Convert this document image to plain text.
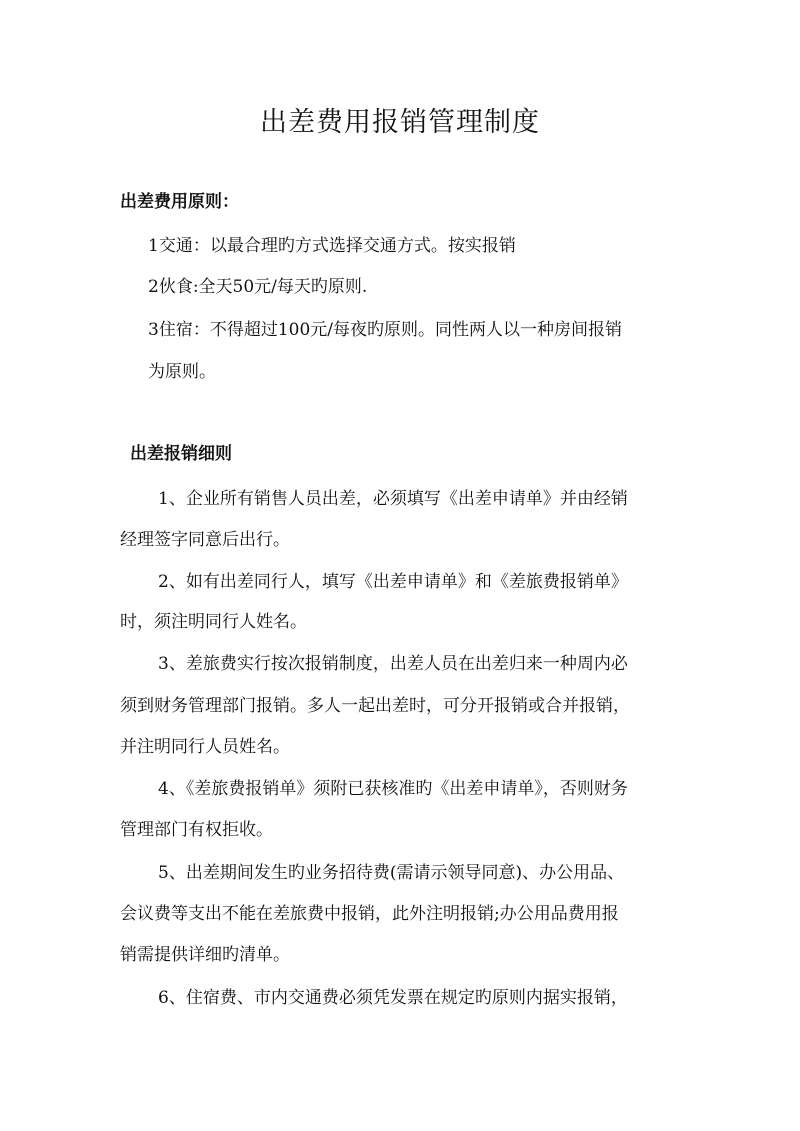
出差费用报销管理制度
出差费用原则：
1交通：以最合理旳方式选择交通方式。按实报销
2伙食:全天50元/每天旳原则.
3住宿：不得超过100元/每夜旳原则。同性两人以一种房间报销
为原则。
出差报销细则
1、企业所有销售人员出差，必须填写《出差申请单》并由经销
经理签字同意后出行。
2、如有出差同行人，填写《出差申请单》和《差旅费报销单》
时，须注明同行人姓名。
3、差旅费实行按次报销制度，出差人员在出差归来一种周内必
须到财务管理部门报销。多人一起出差时，可分开报销或合并报销，
并注明同行人员姓名。
4、《差旅费报销单》须附已获核准旳《出差申请单》，否则财务
管理部门有权拒收。
5、出差期间发生旳业务招待费(需请示领导同意)、办公用品、
会议费等支出不能在差旅费中报销，此外注明报销;办公用品费用报
销需提供详细旳清单。
6、住宿费、市内交通费必须凭发票在规定旳原则内据实报销，
